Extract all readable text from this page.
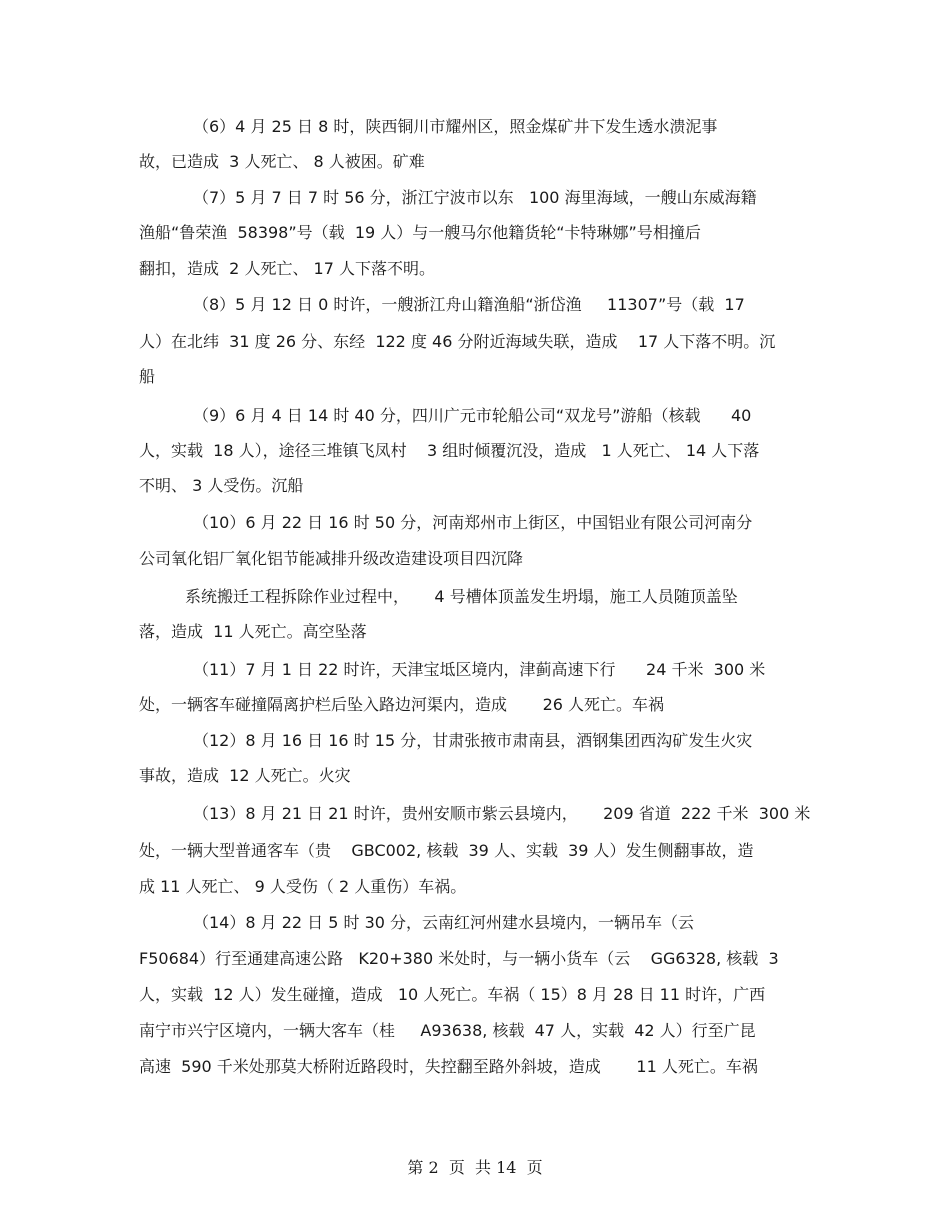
（6）4 月 25 日 8 时，陕西铜川市耀州区，照金煤矿井下发生透水溃泥事
故，已造成  3 人死亡、 8 人被困。矿难
（7）5 月 7 日 7 时 56 分，浙江宁波市以东   100 海里海域，一艘山东威海籍
渔船“鲁荣渔  58398”号（载  19 人）与一艘马尔他籍货轮“卡特琳娜”号相撞后
翻扣，造成  2 人死亡、 17 人下落不明。
（8）5 月 12 日 0 时许，一艘浙江舟山籍渔船“浙岱渔     11307”号（载  17
人）在北纬  31 度 26 分、东经  122 度 46 分附近海域失联，造成    17 人下落不明。沉
船
（9）6 月 4 日 14 时 40 分，四川广元市轮船公司“双龙号”游船（核载      40
人，实载  18 人），途径三堆镇飞凤村    3 组时倾覆沉没，造成   1 人死亡、 14 人下落
不明、 3 人受伤。沉船
（10）6 月 22 日 16 时 50 分，河南郑州市上街区，中国铝业有限公司河南分
公司氧化铝厂氧化铝节能减排升级改造建设项目四沉降
系统搬迁工程拆除作业过程中，     4 号槽体顶盖发生坍塌，施工人员随顶盖坠
落，造成  11 人死亡。高空坠落
（11）7 月 1 日 22 时许，天津宝坻区境内，津蓟高速下行      24 千米  300 米
处，一辆客车碰撞隔离护栏后坠入路边河渠内，造成       26 人死亡。车祸
（12）8 月 16 日 16 时 15 分，甘肃张掖市肃南县，酒钢集团西沟矿发生火灾
事故，造成  12 人死亡。火灾
（13）8 月 21 日 21 时许，贵州安顺市紫云县境内，     209 省道  222 千米  300 米
处，一辆大型普通客车（贵    GBC002, 核载  39 人、实载  39 人）发生侧翻事故，造
成 11 人死亡、 9 人受伤（ 2 人重伤）车祸。
（14）8 月 22 日 5 时 30 分，云南红河州建水县境内，一辆吊车（云
F50684）行至通建高速公路   K20+380 米处时，与一辆小货车（云    GG6328, 核载  3
人，实载  12 人）发生碰撞，造成   10 人死亡。车祸（ 15）8 月 28 日 11 时许，广西
南宁市兴宁区境内，一辆大客车（桂     A93638, 核载  47 人，实载  42 人）行至广昆
高速  590 千米处那莫大桥附近路段时，失控翻至路外斜坡，造成       11 人死亡。车祸
第 2  页  共 14  页
